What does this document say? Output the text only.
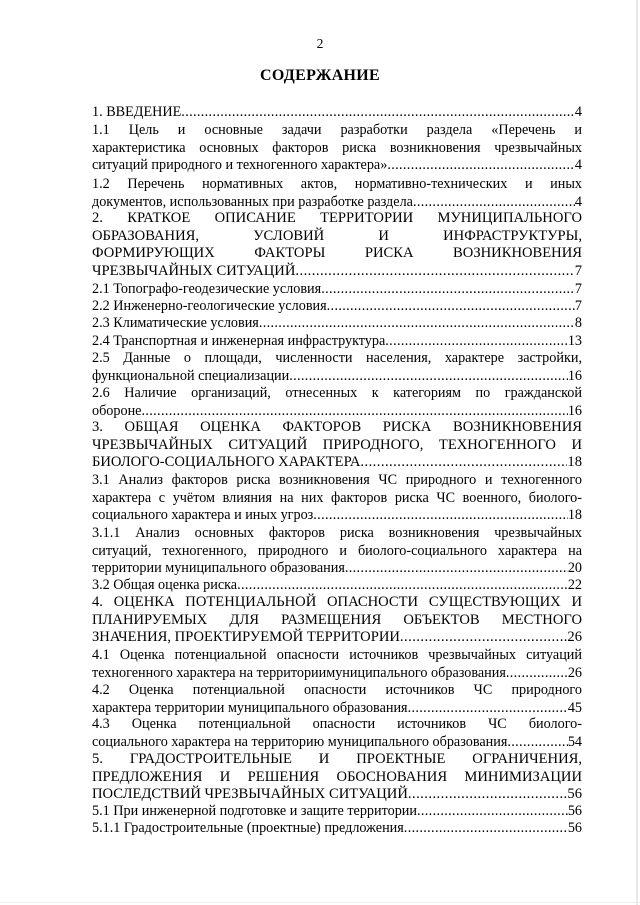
2
СОДЕРЖАНИЕ
1. ВВЕДЕНИЕ . . .	4
1.1 Цель и основные задачи разработки раздела «Перечень и
характеристика основных факторов риска возникновения чрезвычайных
ситуаций природного и техногенного характера» . . .	4
1.2 Перечень нормативных актов, нормативно-технических и иных
документов, использованных при разработке раздела . . .	4
2. КРАТКОЕ ОПИСАНИЕ ТЕРРИТОРИИ МУНИЦИПАЛЬНОГО
ОБРАЗОВАНИЯ, УСЛОВИЙ И ИНФРАСТРУКТУРЫ,
ФОРМИРУЮЩИХ ФАКТОРЫ РИСКА ВОЗНИКНОВЕНИЯ
ЧРЕЗВЫЧАЙНЫХ СИТУАЦИЙ . . .	7
2.1 Топографо-геодезические условия . . .	7
2.2 Инженерно-геологические условия . . .	7
2.3 Климатические условия . . .	8
2.4 Транспортная и инженерная инфраструктура . . .	13
2.5 Данные о площади, численности населения, характере застройки,
функциональной специализации . . .	16
2.6 Наличие организаций, отнесенных к категориям по гражданской
обороне . . .	16
3. ОБЩАЯ ОЦЕНКА ФАКТОРОВ РИСКА ВОЗНИКНОВЕНИЯ
ЧРЕЗВЫЧАЙНЫХ СИТУАЦИЙ ПРИРОДНОГО, ТЕХНОГЕННОГО И
БИОЛОГО-СОЦИАЛЬНОГО ХАРАКТЕРА . . .	18
3.1 Анализ факторов риска возникновения ЧС природного и техногенного
характера с учётом влияния на них факторов риска ЧС военного, биолого-
социального характера и иных угроз . . .	18
3.1.1 Анализ основных факторов риска возникновения чрезвычайных
ситуаций, техногенного, природного и биолого-социального характера на
территории муниципального образования . . .	20
3.2 Общая оценка риска . . .	22
4. ОЦЕНКА ПОТЕНЦИАЛЬНОЙ ОПАСНОСТИ СУЩЕСТВУЮЩИХ И
ПЛАНИРУЕМЫХ ДЛЯ РАЗМЕЩЕНИЯ ОБЪЕКТОВ МЕСТНОГО
ЗНАЧЕНИЯ, ПРОЕКТИРУЕМОЙ ТЕРРИТОРИИ . . .	26
4.1 Оценка потенциальной опасности источников чрезвычайных ситуаций
техногенного характера на территориимуниципального образования . . .	26
4.2 Оценка потенциальной опасности источников ЧС природного
характера территории муниципального образования . . .	45
4.3 Оценка потенциальной опасности источников ЧС биолого-
социального характера на территорию муниципального образования . . .	54
5. ГРАДОСТРОИТЕЛЬНЫЕ И ПРОЕКТНЫЕ ОГРАНИЧЕНИЯ,
ПРЕДЛОЖЕНИЯ И РЕШЕНИЯ ОБОСНОВАНИЯ МИНИМИЗАЦИИ
ПОСЛЕДСТВИЙ ЧРЕЗВЫЧАЙНЫХ СИТУАЦИЙ . . .	56
5.1 При инженерной подготовке и защите территории . . .	56
5.1.1 Градостроительные (проектные) предложения . . .	56
